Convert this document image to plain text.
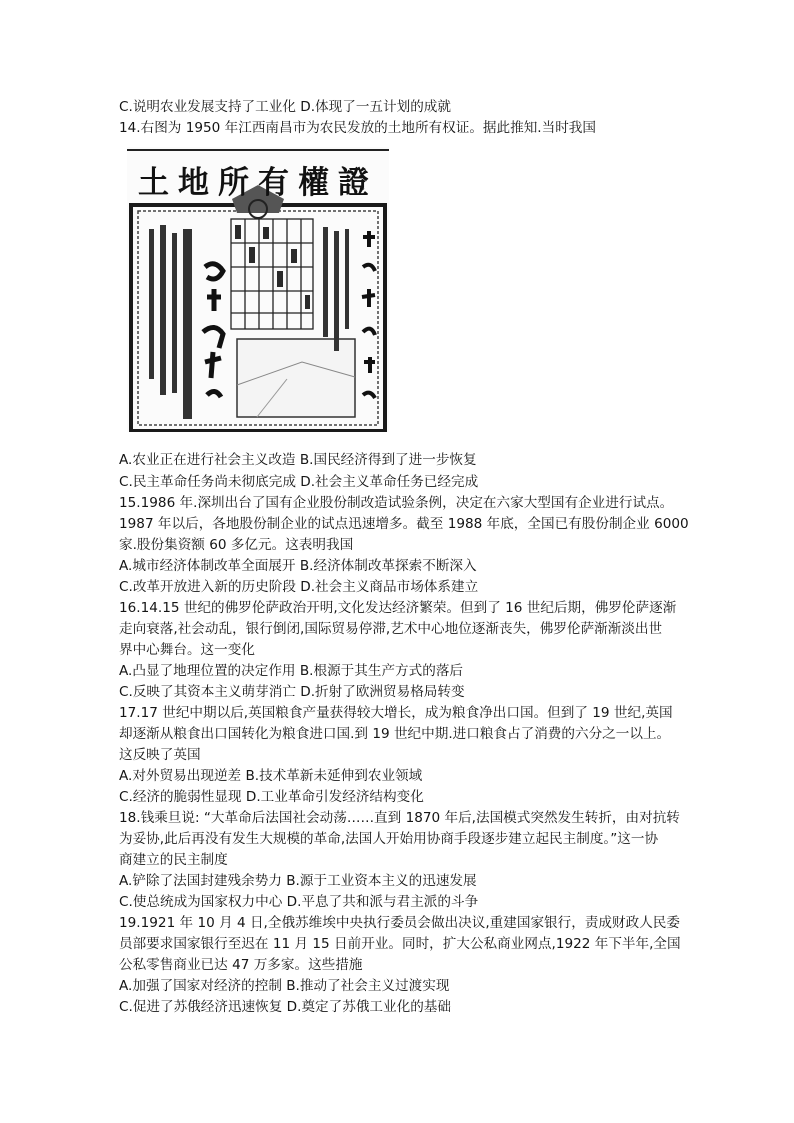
C.说明农业发展支持了工业化 D.体现了一五计划的成就
14.右图为 1950 年江西南昌市为农民发放的土地所有权证。据此推知.当时我国
土地所有權證
A.农业正在进行社会主义改造 B.国民经济得到了进一步恢复
C.民主革命任务尚未彻底完成 D.社会主义革命任务已经完成
15.1986 年.深圳出台了国有企业股份制改造试验条例，决定在六家大型国有企业进行试点。
1987 年以后，各地股份制企业的试点迅速增多。截至 1988 年底，全国已有股份制企业 6000
家.股份集资额 60 多亿元。这表明我国
A.城市经济体制改革全面展开 B.经济体制改革探索不断深入
C.改革开放进入新的历史阶段 D.社会主义商品市场体系建立
16.14.15 世纪的佛罗伦萨政治开明,文化发达经济繁荣。但到了 16 世纪后期，佛罗伦萨逐渐
走向衰落,社会动乱，银行倒闭,国际贸易停滞,艺术中心地位逐渐丧失，佛罗伦萨渐渐淡出世
界中心舞台。这一变化
A.凸显了地理位置的决定作用 B.根源于其生产方式的落后
C.反映了其资本主义萌芽消亡 D.折射了欧洲贸易格局转变
17.17 世纪中期以后,英国粮食产量获得较大增长，成为粮食净出口国。但到了 19 世纪,英国
却逐渐从粮食出口国转化为粮食进口国.到 19 世纪中期.进口粮食占了消费的六分之一以上。
这反映了英国
A.对外贸易出现逆差 B.技术革新未延伸到农业领域
C.经济的脆弱性显现 D.工业革命引发经济结构变化
18.钱乘旦说: “大革命后法国社会动荡……直到 1870 年后,法国模式突然发生转折，由对抗转
为妥协,此后再没有发生大规模的革命,法国人开始用协商手段逐步建立起民主制度。”这一协
商建立的民主制度
A.铲除了法国封建残余势力 B.源于工业资本主义的迅速发展
C.使总统成为国家权力中心 D.平息了共和派与君主派的斗争
19.1921 年 10 月 4 日,全俄苏维埃中央执行委员会做出决议,重建国家银行，责成财政人民委
员部要求国家银行至迟在 11 月 15 日前开业。同时，扩大公私商业网点,1922 年下半年,全国
公私零售商业已达 47 万多家。这些措施
A.加强了国家对经济的控制 B.推动了社会主义过渡实现
C.促进了苏俄经济迅速恢复 D.奠定了苏俄工业化的基础
